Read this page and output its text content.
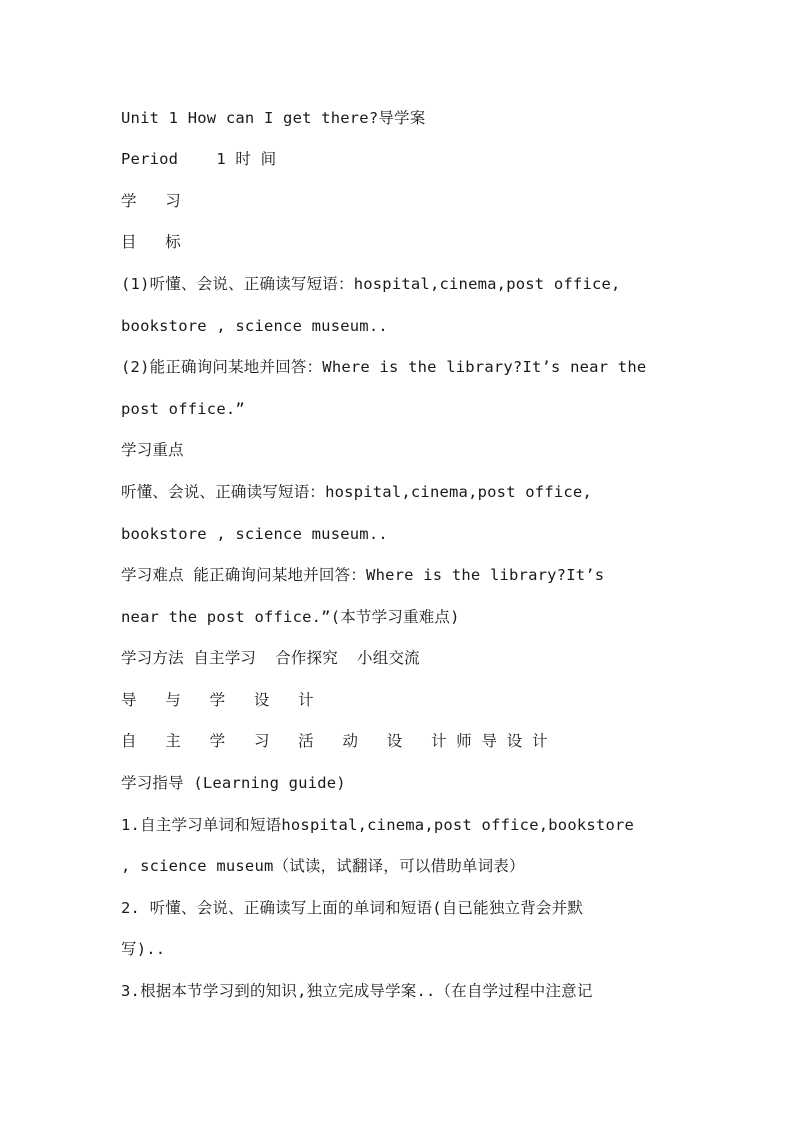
Unit 1 How can I get there?导学案
Period    1 时 间
学   习
目   标
(1)听懂、会说、正确读写短语：hospital,cinema,post office,
bookstore , science museum..
(2)能正确询问某地并回答：Where is the library?It’s near the
post office.”
学习重点
听懂、会说、正确读写短语：hospital,cinema,post office,
bookstore , science museum..
学习难点 能正确询问某地并回答：Where is the library?It’s
near the post office.”(本节学习重难点)
学习方法 自主学习  合作探究  小组交流
导   与   学   设   计
自   主   学   习   活   动   设   计 师 导 设 计
学习指导 (Learning guide)
1.自主学习单词和短语hospital,cinema,post office,bookstore
, science museum（试读，试翻译，可以借助单词表）
2. 听懂、会说、正确读写上面的单词和短语(自已能独立背会并默
写)..
3.根据本节学习到的知识,独立完成导学案..（在自学过程中注意记
